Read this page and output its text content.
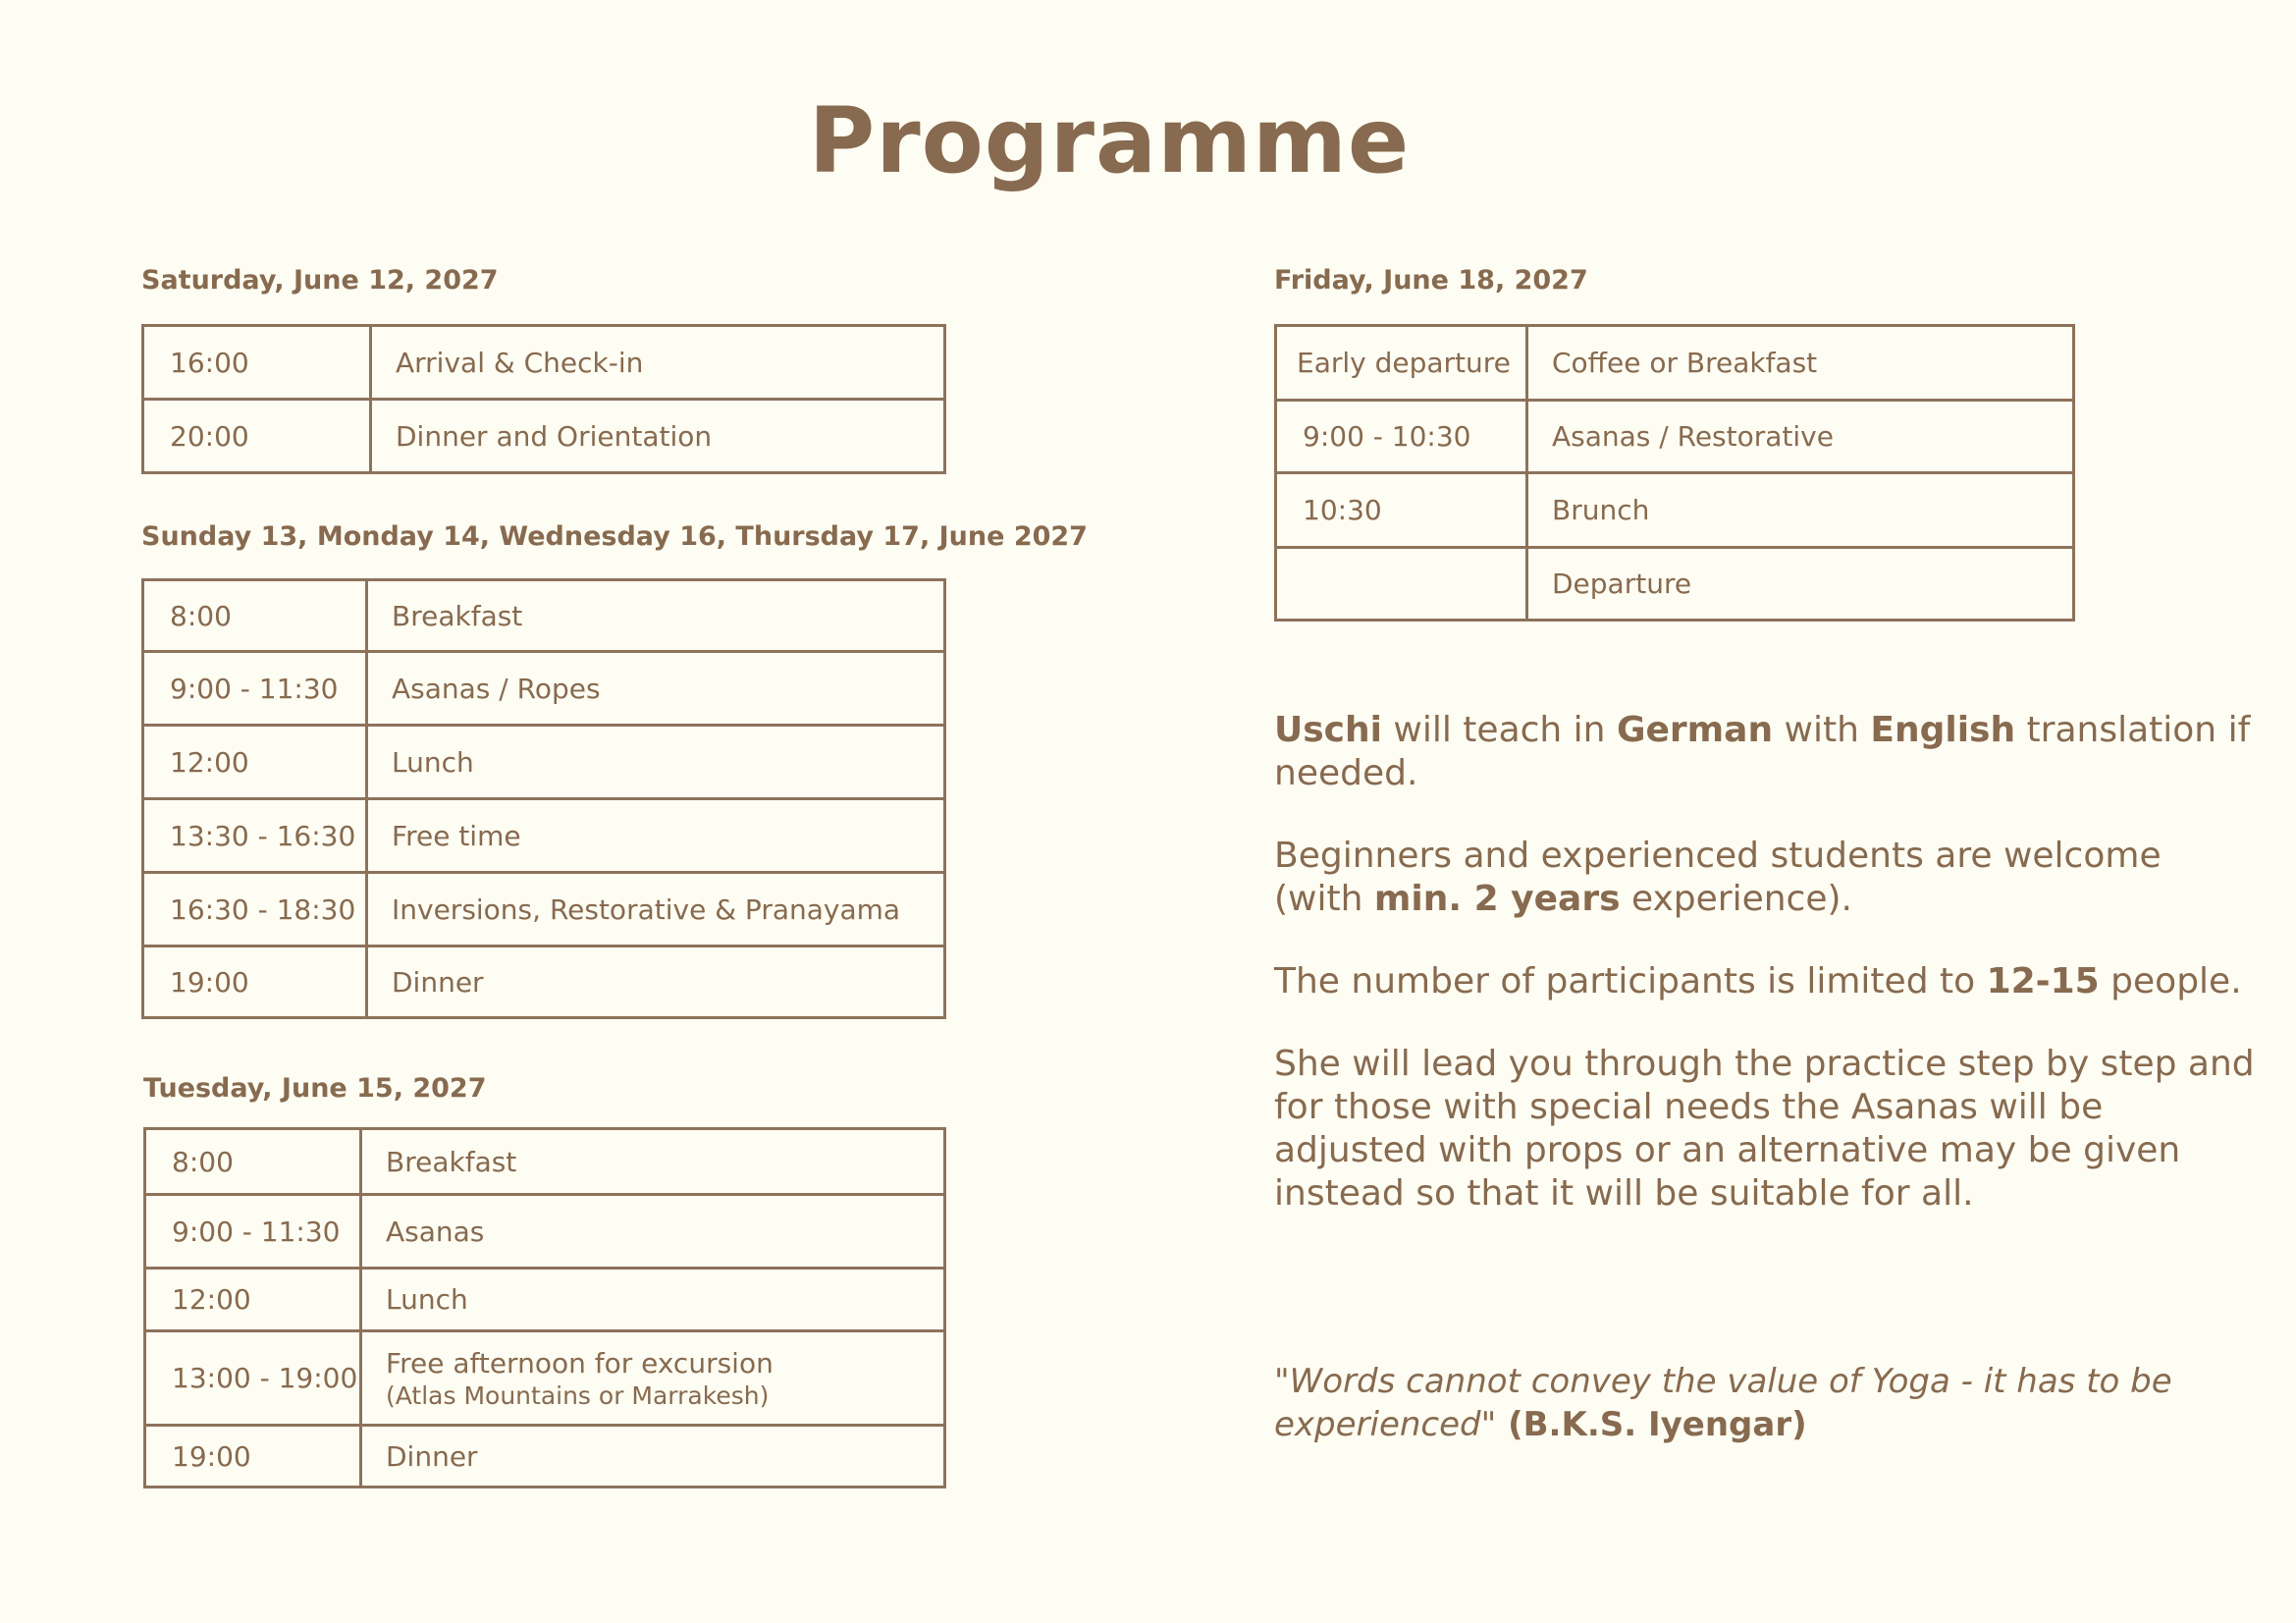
Programme
Saturday, June 12, 2027
16:00	Arrival & Check-in
20:00	Dinner and Orientation
Sunday 13, Monday 14, Wednesday 16, Thursday 17, June 2027
8:00	Breakfast
9:00 - 11:30	Asanas / Ropes
12:00	Lunch
13:30 - 16:30	Free time
16:30 - 18:30	Inversions, Restorative & Pranayama
19:00	Dinner
Tuesday, June 15, 2027
8:00	Breakfast
9:00 - 11:30	Asanas
12:00	Lunch
13:00 - 19:00	Free afternoon for excursion
(Atlas Mountains or Marrakesh)

19:00	Dinner
Friday, June 18, 2027
Early departure	Coffee or Breakfast
9:00 - 10:30	Asanas / Restorative
10:30	Brunch
	Departure
Uschi will teach in German with English translation if needed.
Beginners and experienced students are welcome (with min. 2 years experience).
The number of participants is limited to 12-15 people.
She will lead you through the practice step by step and for those with special needs the Asanas will be adjusted with props or an alternative may be given instead so that it will be suitable for all.
"Words cannot convey the value of Yoga - it has to be experienced" (B.K.S. Iyengar)
